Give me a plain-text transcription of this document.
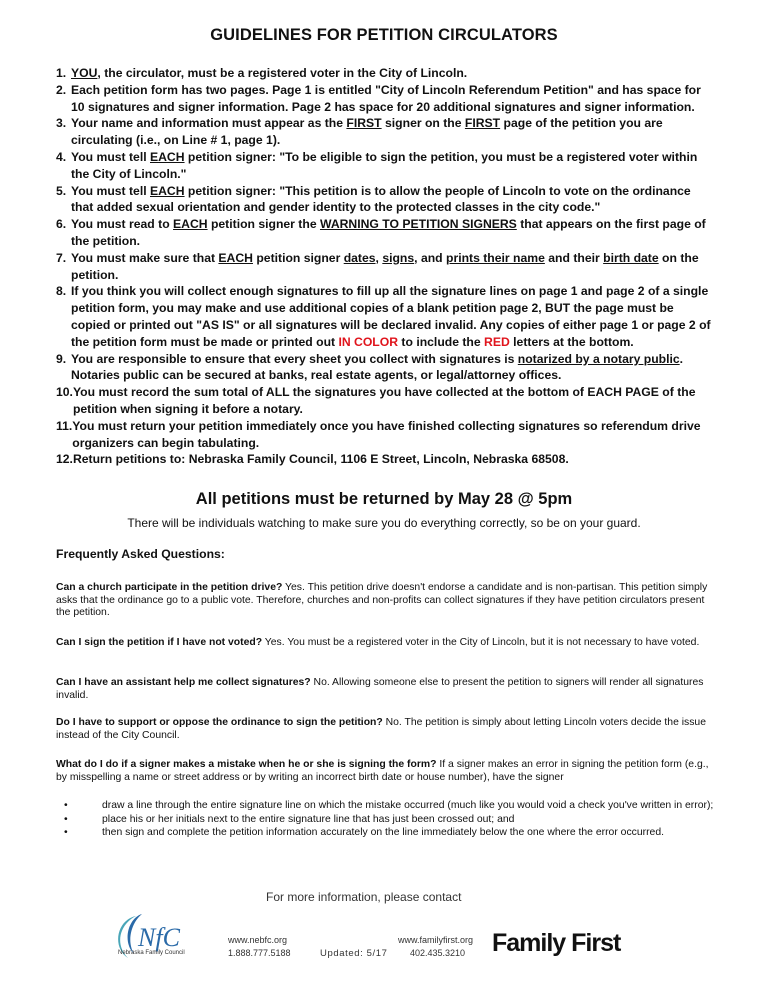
GUIDELINES FOR PETITION CIRCULATORS
1. YOU, the circulator, must be a registered voter in the City of Lincoln.
2. Each petition form has two pages. Page 1 is entitled "City of Lincoln Referendum Petition" and has space for 10 signatures and signer information. Page 2 has space for 20 additional signatures and signer information.
3. Your name and information must appear as the FIRST signer on the FIRST page of the petition you are circulating (i.e., on Line # 1, page 1).
4. You must tell EACH petition signer: "To be eligible to sign the petition, you must be a registered voter within the City of Lincoln."
5. You must tell EACH petition signer: "This petition is to allow the people of Lincoln to vote on the ordinance that added sexual orientation and gender identity to the protected classes in the city code."
6. You must read to EACH petition signer the WARNING TO PETITION SIGNERS that appears on the first page of the petition.
7. You must make sure that EACH petition signer dates, signs, and prints their name and their birth date on the petition.
8. If you think you will collect enough signatures to fill up all the signature lines on page 1 and page 2 of a single petition form, you may make and use additional copies of a blank petition page 2, BUT the page must be copied or printed out "AS IS" or all signatures will be declared invalid. Any copies of either page 1 or page 2 of the petition form must be made or printed out IN COLOR to include the RED letters at the bottom.
9. You are responsible to ensure that every sheet you collect with signatures is notarized by a notary public. Notaries public can be secured at banks, real estate agents, or legal/attorney offices.
10. You must record the sum total of ALL the signatures you have collected at the bottom of EACH PAGE of the petition when signing it before a notary.
11. You must return your petition immediately once you have finished collecting signatures so referendum drive organizers can begin tabulating.
12. Return petitions to: Nebraska Family Council, 1106 E Street, Lincoln, Nebraska 68508.
All petitions must be returned by May 28 @ 5pm
There will be individuals watching to make sure you do everything correctly, so be on your guard.
Frequently Asked Questions:
Can a church participate in the petition drive? Yes. This petition drive doesn't endorse a candidate and is non-partisan. This petition simply asks that the ordinance go to a public vote. Therefore, churches and non-profits can collect signatures if they have petition circulators present the petition.
Can I sign the petition if I have not voted? Yes. You must be a registered voter in the City of Lincoln, but it is not necessary to have voted.
Can I have an assistant help me collect signatures? No. Allowing someone else to present the petition to signers will render all signatures invalid.
Do I have to support or oppose the ordinance to sign the petition? No. The petition is simply about letting Lincoln voters decide the issue instead of the City Council.
What do I do if a signer makes a mistake when he or she is signing the form? If a signer makes an error in signing the petition form (e.g., by misspelling a name or street address or by writing an incorrect birth date or house number), have the signer
•	draw a line through the entire signature line on which the mistake occurred (much like you would void a check you've written in error);
•	place his or her initials next to the entire signature line that has just been crossed out; and
•	then sign and complete the petition information accurately on the line immediately below the one where the error occurred.
For more information, please contact
NfC
Nebraska Family Council
www.nebfc.org
1.888.777.5188	Updated: 5/17
www.familyfirst.org
402.435.3210 Family First
